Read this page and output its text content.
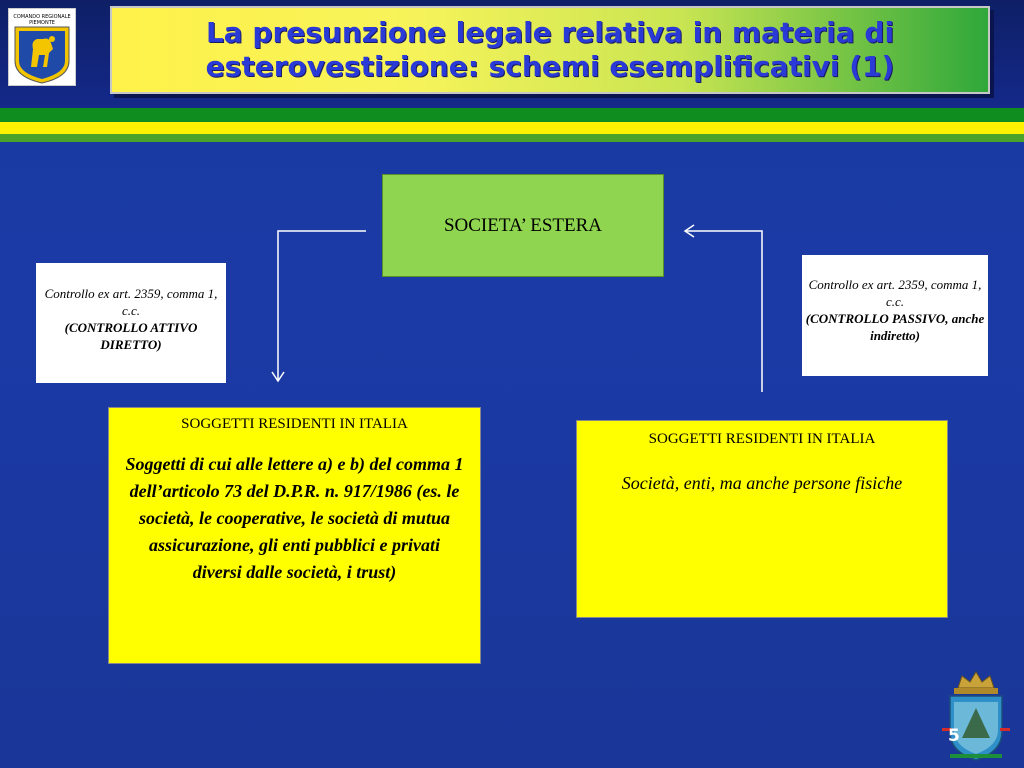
COMANDO REGIONALE
PIEMONTE	La presunzione legale relativa in materia di esterovestizione: schemi esemplificativi (1)
SOCIETA’ ESTERA
Controllo ex art. 2359, comma 1, c.c.
(CONTROLLO ATTIVO DIRETTO)
Controllo ex art. 2359, comma 1, c.c.
(CONTROLLO PASSIVO, anche indiretto)
SOGGETTI RESIDENTI IN ITALIA
Soggetti di cui alle lettere a) e b) del comma 1 dell’articolo 73 del D.P.R. n. 917/1986 (es. le società, le cooperative, le società di mutua assicurazione, gli enti pubblici e privati diversi dalle società, i trust)
SOGGETTI RESIDENTI IN ITALIA
Società, enti, ma anche persone fisiche
5
